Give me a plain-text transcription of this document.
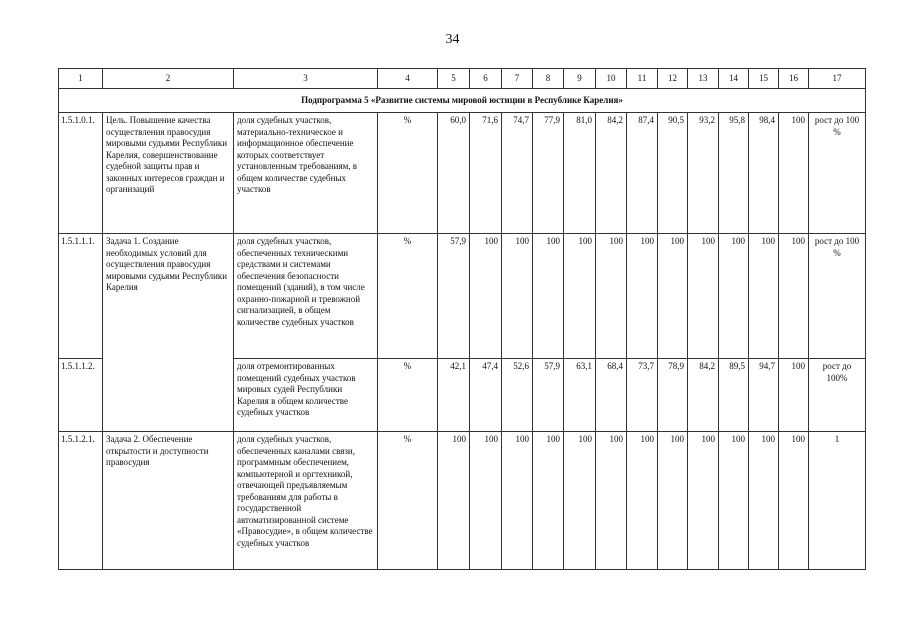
34
1	2	3	4	5	6	7	8	9	10	11	12	13	14	15	16	17
Подпрограмма 5 «Развитие системы мировой юстиции в Республике Карелия»																
1.5.1.0.1.	Цель. Повышение качества осуществления правосудия мировыми судьями Республики Карелия, совершенствование судебной защиты прав и законных интересов граждан и организаций	доля судебных участков, материально-техническое и информационное обеспечение которых соответствует установленным требованиям, в общем количестве судебных участков	%	60,0	71,6	74,7	77,9	81,0	84,2	87,4	90,5	93,2	95,8	98,4	100	рост до 100 %
1.5.1.1.1.	Задача 1. Создание необходимых условий для осуществления правосудия мировыми судьями Республики Карелия	доля судебных участков, обеспеченных техническими средствами и системами обеспечения безопасности помещений (зданий), в том числе охранно-пожарной и тревожной сигнализацией, в общем количестве судебных участков	%	57,9	100	100	100	100	100	100	100	100	100	100	100	рост до 100 %
1.5.1.1.2.		доля отремонтированных помещений судебных участков мировых судей Республики Карелия в общем количестве судебных участков	%	42,1	47,4	52,6	57,9	63,1	68,4	73,7	78,9	84,2	89,5	94,7	100	рост до 100%
1.5.1.2.1.	Задача 2. Обеспечение открытости и доступности правосудия	доля судебных участков, обеспеченных каналами связи, программным обеспечением, компьютерной и оргтехникой, отвечающей предъявляемым требованиям для работы в государственной автоматизированной системе «Правосудие», в общем количестве судебных участков	%	100	100	100	100	100	100	100	100	100	100	100	100	1
